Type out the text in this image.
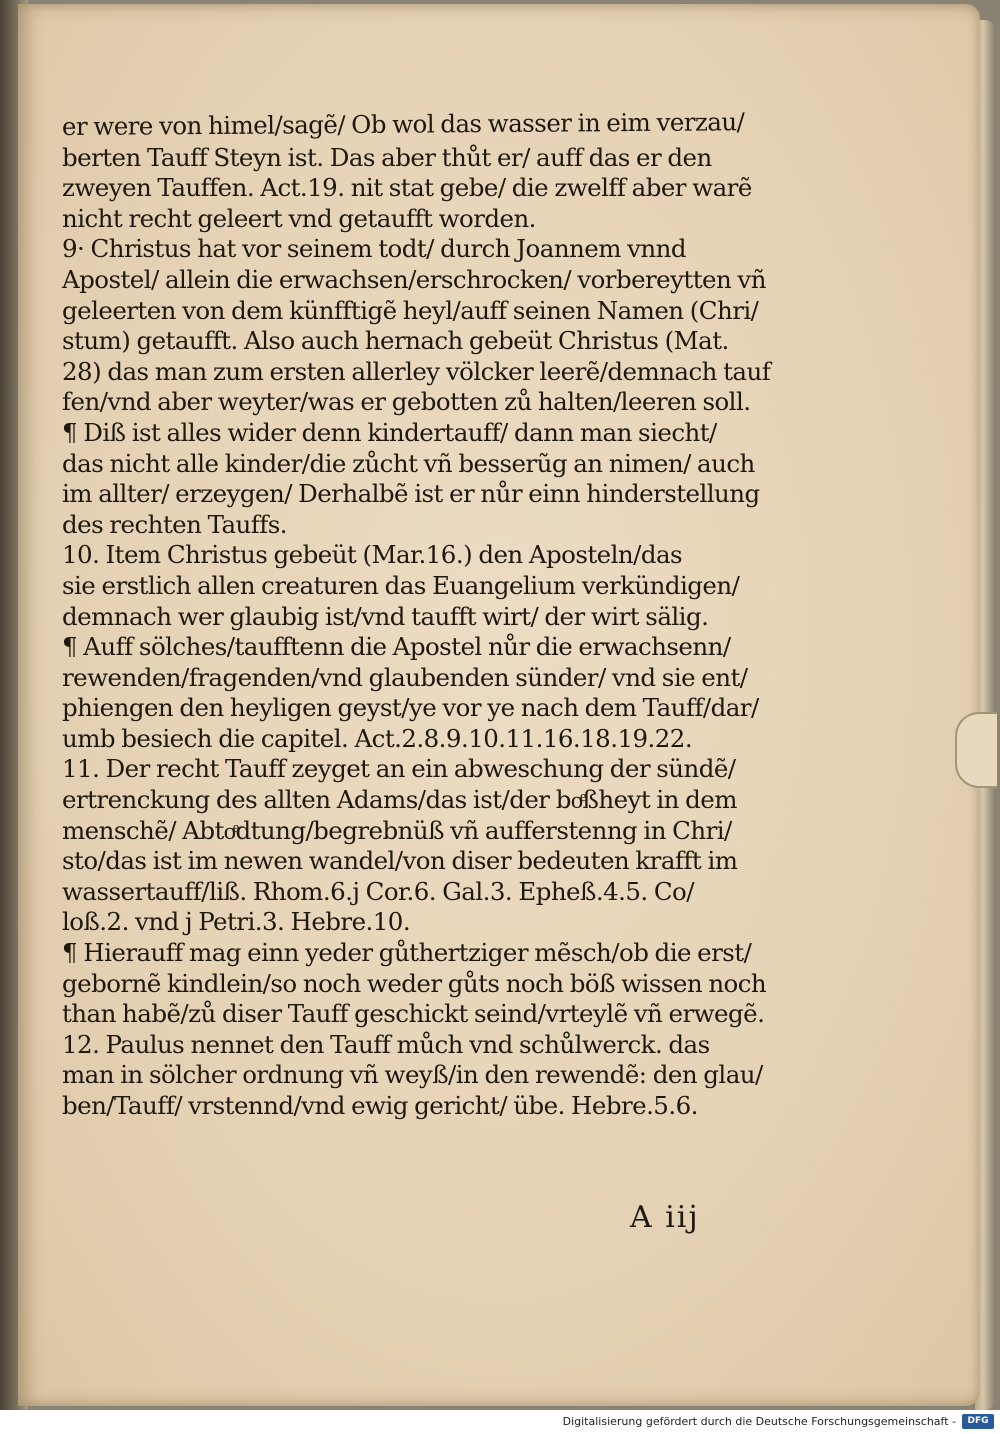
er were von himel/sagẽ/ Ob wol das wasser in eim verzau/
berten Tauff Steyn ist. Das aber thůt er/ auff das er den
zweyen Tauffen. Act.19. nit stat gebe/ die zwelff aber warẽ
nicht recht geleert vnd getaufft worden.
9· Christus hat vor seinem todt/ durch Joannem vnnd
Apostel/ allein die erwachsen/erschrocken/ vorbereytten vñ
geleerten von dem künfftigẽ heyl/auff seinen Namen (Chri/
stum) getaufft. Also auch hernach gebeüt Christus (Mat.
28) das man zum ersten allerley völcker leerẽ/demnach tauf
fen/vnd aber weyter/was er gebotten zů halten/leeren soll.
¶ Diß ist alles wider denn kindertauff/ dann man siecht/
das nicht alle kinder/die zůcht vñ besserũg an nimen/ auch
im allter/ erzeygen/ Derhalbẽ ist er nůr einn hinderstellung
des rechten Tauffs.
10. Item Christus gebeüt (Mar.16.) den Aposteln/das
sie erstlich allen creaturen das Euangelium verkündigen/
demnach wer glaubig ist/vnd taufft wirt/ der wirt sälig.
¶ Auff sölches/taufftenn die Apostel nůr die erwachsenn/
rewenden/fragenden/vnd glaubenden sünder/ vnd sie ent/
phiengen den heyligen geyst/ye vor ye nach dem Tauff/dar/
umb besiech die capitel. Act.2.8.9.10.11.16.18.19.22.
11. Der recht Tauff zeyget an ein abweschung der sündẽ/
ertrenckung des allten Adams/das ist/der boͤßheyt in dem
menschẽ/ Abtoͤdtung/begrebnüß vñ aufferstenng in Chri/
sto/das ist im newen wandel/von diser bedeuten krafft im
wassertauff/liß. Rhom.6.j Cor.6. Gal.3. Epheß.4.5. Co/
loß.2. vnd j Petri.3. Hebre.10.
¶ Hierauff mag einn yeder gůthertziger mẽsch/ob die erst/
gebornẽ kindlein/so noch weder gůts noch böß wissen noch
than habẽ/zů diser Tauff geschickt seind/vrteylẽ vñ erwegẽ.
12. Paulus nennet den Tauff můch vnd schůlwerck. das
man in sölcher ordnung vñ weyß/in den rewendẽ: den glau/
ben/Tauff/ vrstennd/vnd ewig gericht/ übe. Hebre.5.6.
A iij
Digitalisierung gefördert durch die Deutsche Forschungsgemeinschaft -	DFG
